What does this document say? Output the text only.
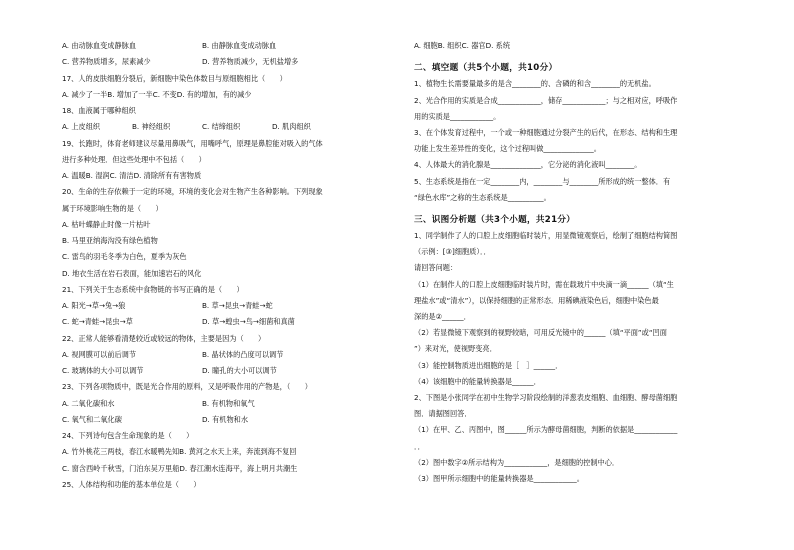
A. 由动脉血变成静脉血	B. 由静脉血变成动脉血
C. 营养物质增多，尿素减少	D. 营养物质减少，无机盐增多
17、人的皮肤细胞分裂后，新细胞中染色体数目与原细胞相比（　　）
A. 减少了一半B. 增加了一半C. 不变D. 有的增加，有的减少
18、血液属于哪种组织
A. 上皮组织	B. 神经组织	C. 结缔组织	D. 肌肉组织
19、长跑时，体育老师建议尽量用鼻吸气，用嘴呼气，原理是鼻腔能对吸入的气体
进行多种处理．但这些处理中不包括（　　）
A. 温暖B. 湿润C. 清洁D. 清除所有有害物质
20、生命的生存依赖于一定的环境，环境的变化会对生物产生各种影响。下列现象
属于环境影响生物的是（　　）
A. 枯叶蝶静止时像一片枯叶
B. 马里亚纳海沟没有绿色植物
C. 雷鸟的羽毛冬季为白色，夏季为灰色
D. 地衣生活在岩石表面，能加速岩石的风化
21、下列关于生态系统中食物链的书写正确的是（　　）
A. 阳光→草→兔→狼	B. 草→昆虫→青蛙→蛇
C. 蛇→青蛙→昆虫→草	D. 草→蝗虫→鸟→细菌和真菌
22、正常人能够看清楚较近或较远的物体，主要是因为（　　）
A. 视网膜可以前后调节	B. 晶状体的凸度可以调节
C. 玻璃体的大小可以调节	D. 瞳孔的大小可以调节
23、下列各项物质中，既是光合作用的原料，又是呼吸作用的产物是，（　　）
A. 二氧化碳和水	B. 有机物和氧气
C. 氧气和二氧化碳	D. 有机物和水
24、下列诗句包含生命现象的是（　　）
A. 竹外桃花三两枝，春江水暖鸭先知B. 黄河之水天上来，奔流到海不复回
C. 窗含西岭千秋雪，门泊东吴万里船D. 春江潮水连海平，海上明月共潮生
25、人体结构和功能的基本单位是（　　）
A. 细胞B. 组织C. 器官D. 系统
二、填空题（共5个小题，共10分）
1、植物生长需要量最多的是含________的、含磷的和含________的无机盐。
2、光合作用的实质是合成____________，储存____________；与之相对应，呼吸作
用的实质是____________。
3、在个体发育过程中，一个或一种细胞通过分裂产生的后代，在形态、结构和生理
功能上发生差异性的变化，这个过程叫做______________。
4、人体最大的消化腺是______________，它分泌的消化液叫________。
5、生态系统是指在一定________内，________与________所形成的统一整体．有
“绿色水库”之称的生态系统是__________。
三、识图分析题（共3个小题，共21分）
1、同学制作了人的口腔上皮细胞临时装片，用显微镜观察后，绘制了细胞结构简图
（示例：[③]细胞质）．．
请回答问题：
（1）在制作人的口腔上皮细胞临时装片时，需在载玻片中央滴一滴______（填“生
理盐水”或“清水”），以保持细胞的正常形态．用稀碘液染色后，细胞中染色最
深的是②______．
（2）若显微镜下观察到的视野较暗，可用反光镜中的______（填“平面”或“凹面
”）来对光，使视野变亮．
（3）能控制物质进出细胞的是［　］______．
（4）该细胞中的能量转换器是______．
2、下图是小张同学在初中生物学习阶段绘制的洋葱表皮细胞、血细胞、酵母菌细胞
图．请据图回答．
（1）在甲、乙、丙图中，图______所示为酵母菌细胞，判断的依据是____________
．．
（2）图中数字②所示结构为____________，是细胞的控制中心．
（3）图甲所示细胞中的能量转换器是____________。
